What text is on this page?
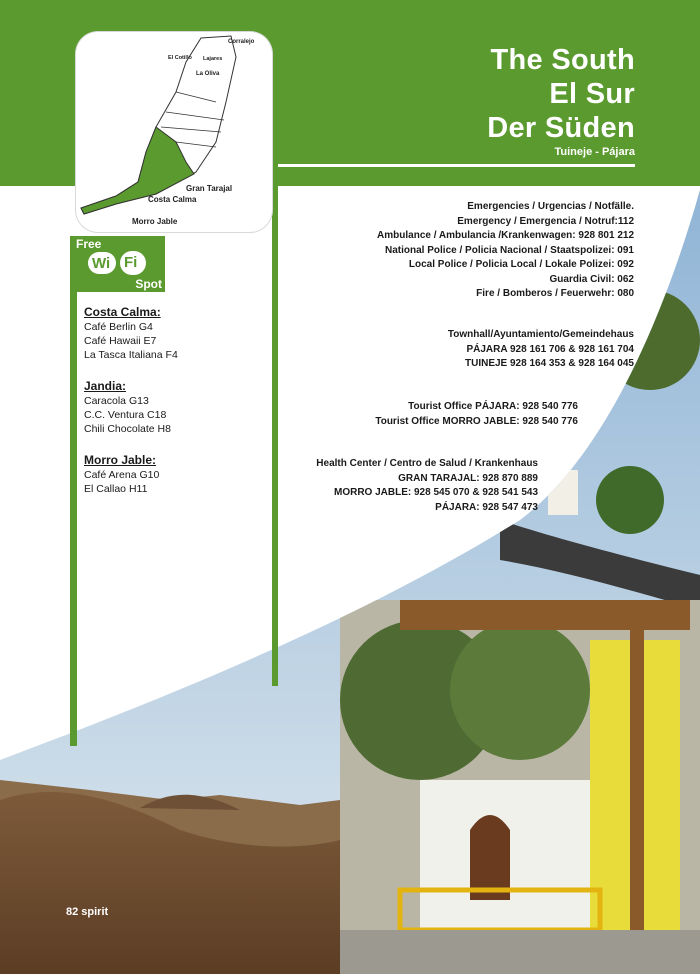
The South
El Sur
Der Süden
Tuineje - Pájara
Corralejo
El Cotillo Lajares
La Oliva
Gran Tarajal
Costa Calma
Morro Jable
Free
Wi Fi
Spot
Costa Calma:
Café Berlin G4
Café Hawaii E7
La Tasca Italiana F4
Jandia:
Caracola G13
C.C. Ventura C18
Chili Chocolate H8
Morro Jable:
Café Arena G10
El Callao H11
Emergencies / Urgencias / Notfälle.
Emergency / Emergencia / Notruf:112
Ambulance / Ambulancia /Krankenwagen: 928 801 212
National Police / Policia Nacional / Staatspolizei: 091
Local Police / Policia Local / Lokale Polizei: 092
Guardia Civil: 062
Fire / Bomberos / Feuerwehr: 080
Townhall/Ayuntamiento/Gemeindehaus
PÁJARA 928 161 706 & 928 161 704
TUINEJE 928 164 353 & 928 164 045
Tourist Office PÁJARA: 928 540 776
Tourist Office MORRO JABLE: 928 540 776
Health Center / Centro de Salud / Krankenhaus
GRAN TARAJAL: 928 870 889
MORRO JABLE: 928 545 070 & 928 541 543
PÁJARA: 928 547 473
82 spirit
